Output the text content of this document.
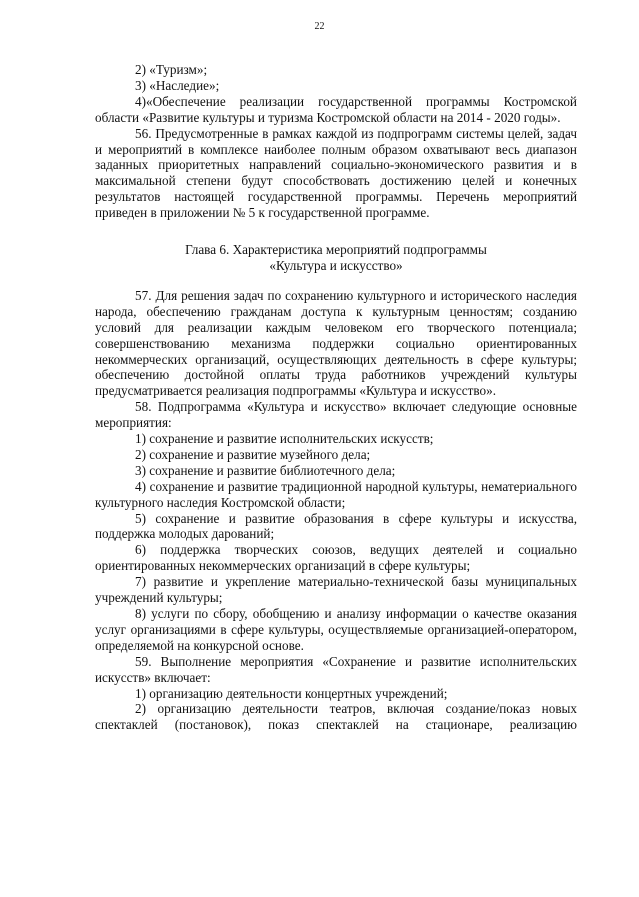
22

2) «Туризм»;

3) «Наследие»;

4)«Обеспечение реализации государственной программы Костромской области «Развитие культуры и туризма Костромской области на 2014 - 2020 годы».

56. Предусмотренные в рамках каждой из подпрограмм системы целей, задач и мероприятий в комплексе наиболее полным образом охватывают весь диапазон заданных приоритетных направлений социально-экономического развития и в максимальной степени будут способствовать достижению целей и конечных результатов настоящей государственной программы. Перечень мероприятий приведен в приложении № 5 к государственной программе.

Глава 6. Характеристика мероприятий подпрограммы
«Культура и искусство»

57. Для решения задач по сохранению культурного и исторического наследия народа, обеспечению гражданам доступа к культурным ценностям; созданию условий для реализации каждым человеком его творческого потенциала; совершенствованию механизма поддержки социально ориентированных некоммерческих организаций, осуществляющих деятельность в сфере культуры; обеспечению достойной оплаты труда работников учреждений культуры предусматривается реализация подпрограммы «Культура и искусство».

58. Подпрограмма «Культура и искусство» включает следующие основные мероприятия:

1) сохранение и развитие исполнительских искусств;

2) сохранение и развитие музейного дела;

3) сохранение и развитие библиотечного дела;

4) сохранение и развитие традиционной народной культуры, нематериального культурного наследия Костромской области;

5) сохранение и развитие образования в сфере культуры и искусства, поддержка молодых дарований;

6) поддержка творческих союзов, ведущих деятелей и социально ориентированных некоммерческих организаций в сфере культуры;

7) развитие и укрепление материально-технической базы муниципальных учреждений культуры;

8) услуги по сбору, обобщению и анализу информации о качестве оказания услуг организациями в сфере культуры, осуществляемые организацией-оператором, определяемой на конкурсной основе.

59. Выполнение мероприятия «Сохранение и развитие исполнительских искусств» включает:

1) организацию деятельности концертных учреждений;

2) организацию деятельности театров, включая создание/показ новых спектаклей (постановок), показ спектаклей на стационаре, реализацию
